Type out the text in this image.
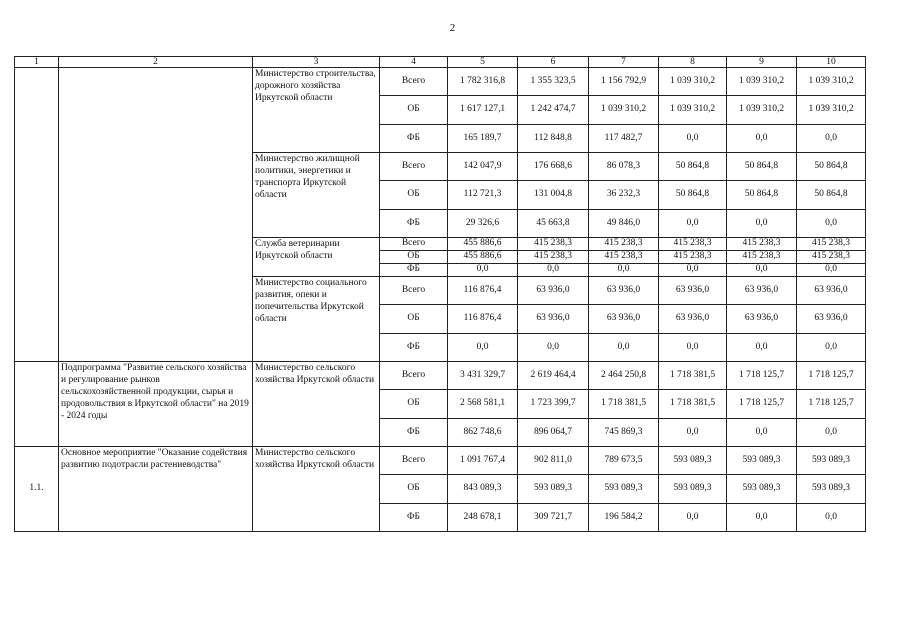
2
1	2	3	4	5	6	7	8	9	10
		Министерство строительства, дорожного хозяйства Иркутской области	Всего	1 782 316,8	1 355 323,5	1 156 792,9	1 039 310,2	1 039 310,2	1 039 310,2
			ОБ	1 617 127,1	1 242 474,7	1 039 310,2	1 039 310,2	1 039 310,2	1 039 310,2
			ФБ	165 189,7	112 848,8	117 482,7	0,0	0,0	0,0
		Министерство жилищной политики, энергетики и транспорта Иркутской области	Всего	142 047,9	176 668,6	86 078,3	50 864,8	50 864,8	50 864,8
			ОБ	112 721,3	131 004,8	36 232,3	50 864,8	50 864,8	50 864,8
			ФБ	29 326,6	45 663,8	49 846,0	0,0	0,0	0,0
		Служба ветеринарии Иркутской области	Всего	455 886,6	415 238,3	415 238,3	415 238,3	415 238,3	415 238,3
			ОБ	455 886,6	415 238,3	415 238,3	415 238,3	415 238,3	415 238,3
			ФБ	0,0	0,0	0,0	0,0	0,0	0,0
		Министерство социального развития, опеки и попечительства Иркутской области	Всего	116 876,4	63 936,0	63 936,0	63 936,0	63 936,0	63 936,0
			ОБ	116 876,4	63 936,0	63 936,0	63 936,0	63 936,0	63 936,0
			ФБ	0,0	0,0	0,0	0,0	0,0	0,0
	Подпрограмма "Развитие сельского хозяйства и регулирование рынков сельскохозяйственной продукции, сырья и продовольствия в Иркутской области" на 2019 - 2024 годы	Министерство сельского хозяйства Иркутской области	Всего	3 431 329,7	2 619 464,4	2 464 250,8	1 718 381,5	1 718 125,7	1 718 125,7
			ОБ	2 568 581,1	1 723 399,7	1 718 381,5	1 718 381,5	1 718 125,7	1 718 125,7
			ФБ	862 748,6	896 064,7	745 869,3	0,0	0,0	0,0
1.1.	Основное мероприятие "Оказание содействия развитию подотрасли растениеводства"	Министерство сельского хозяйства Иркутской области	Всего	1 091 767,4	902 811,0	789 673,5	593 089,3	593 089,3	593 089,3
			ОБ	843 089,3	593 089,3	593 089,3	593 089,3	593 089,3	593 089,3
			ФБ	248 678,1	309 721,7	196 584,2	0,0	0,0	0,0
